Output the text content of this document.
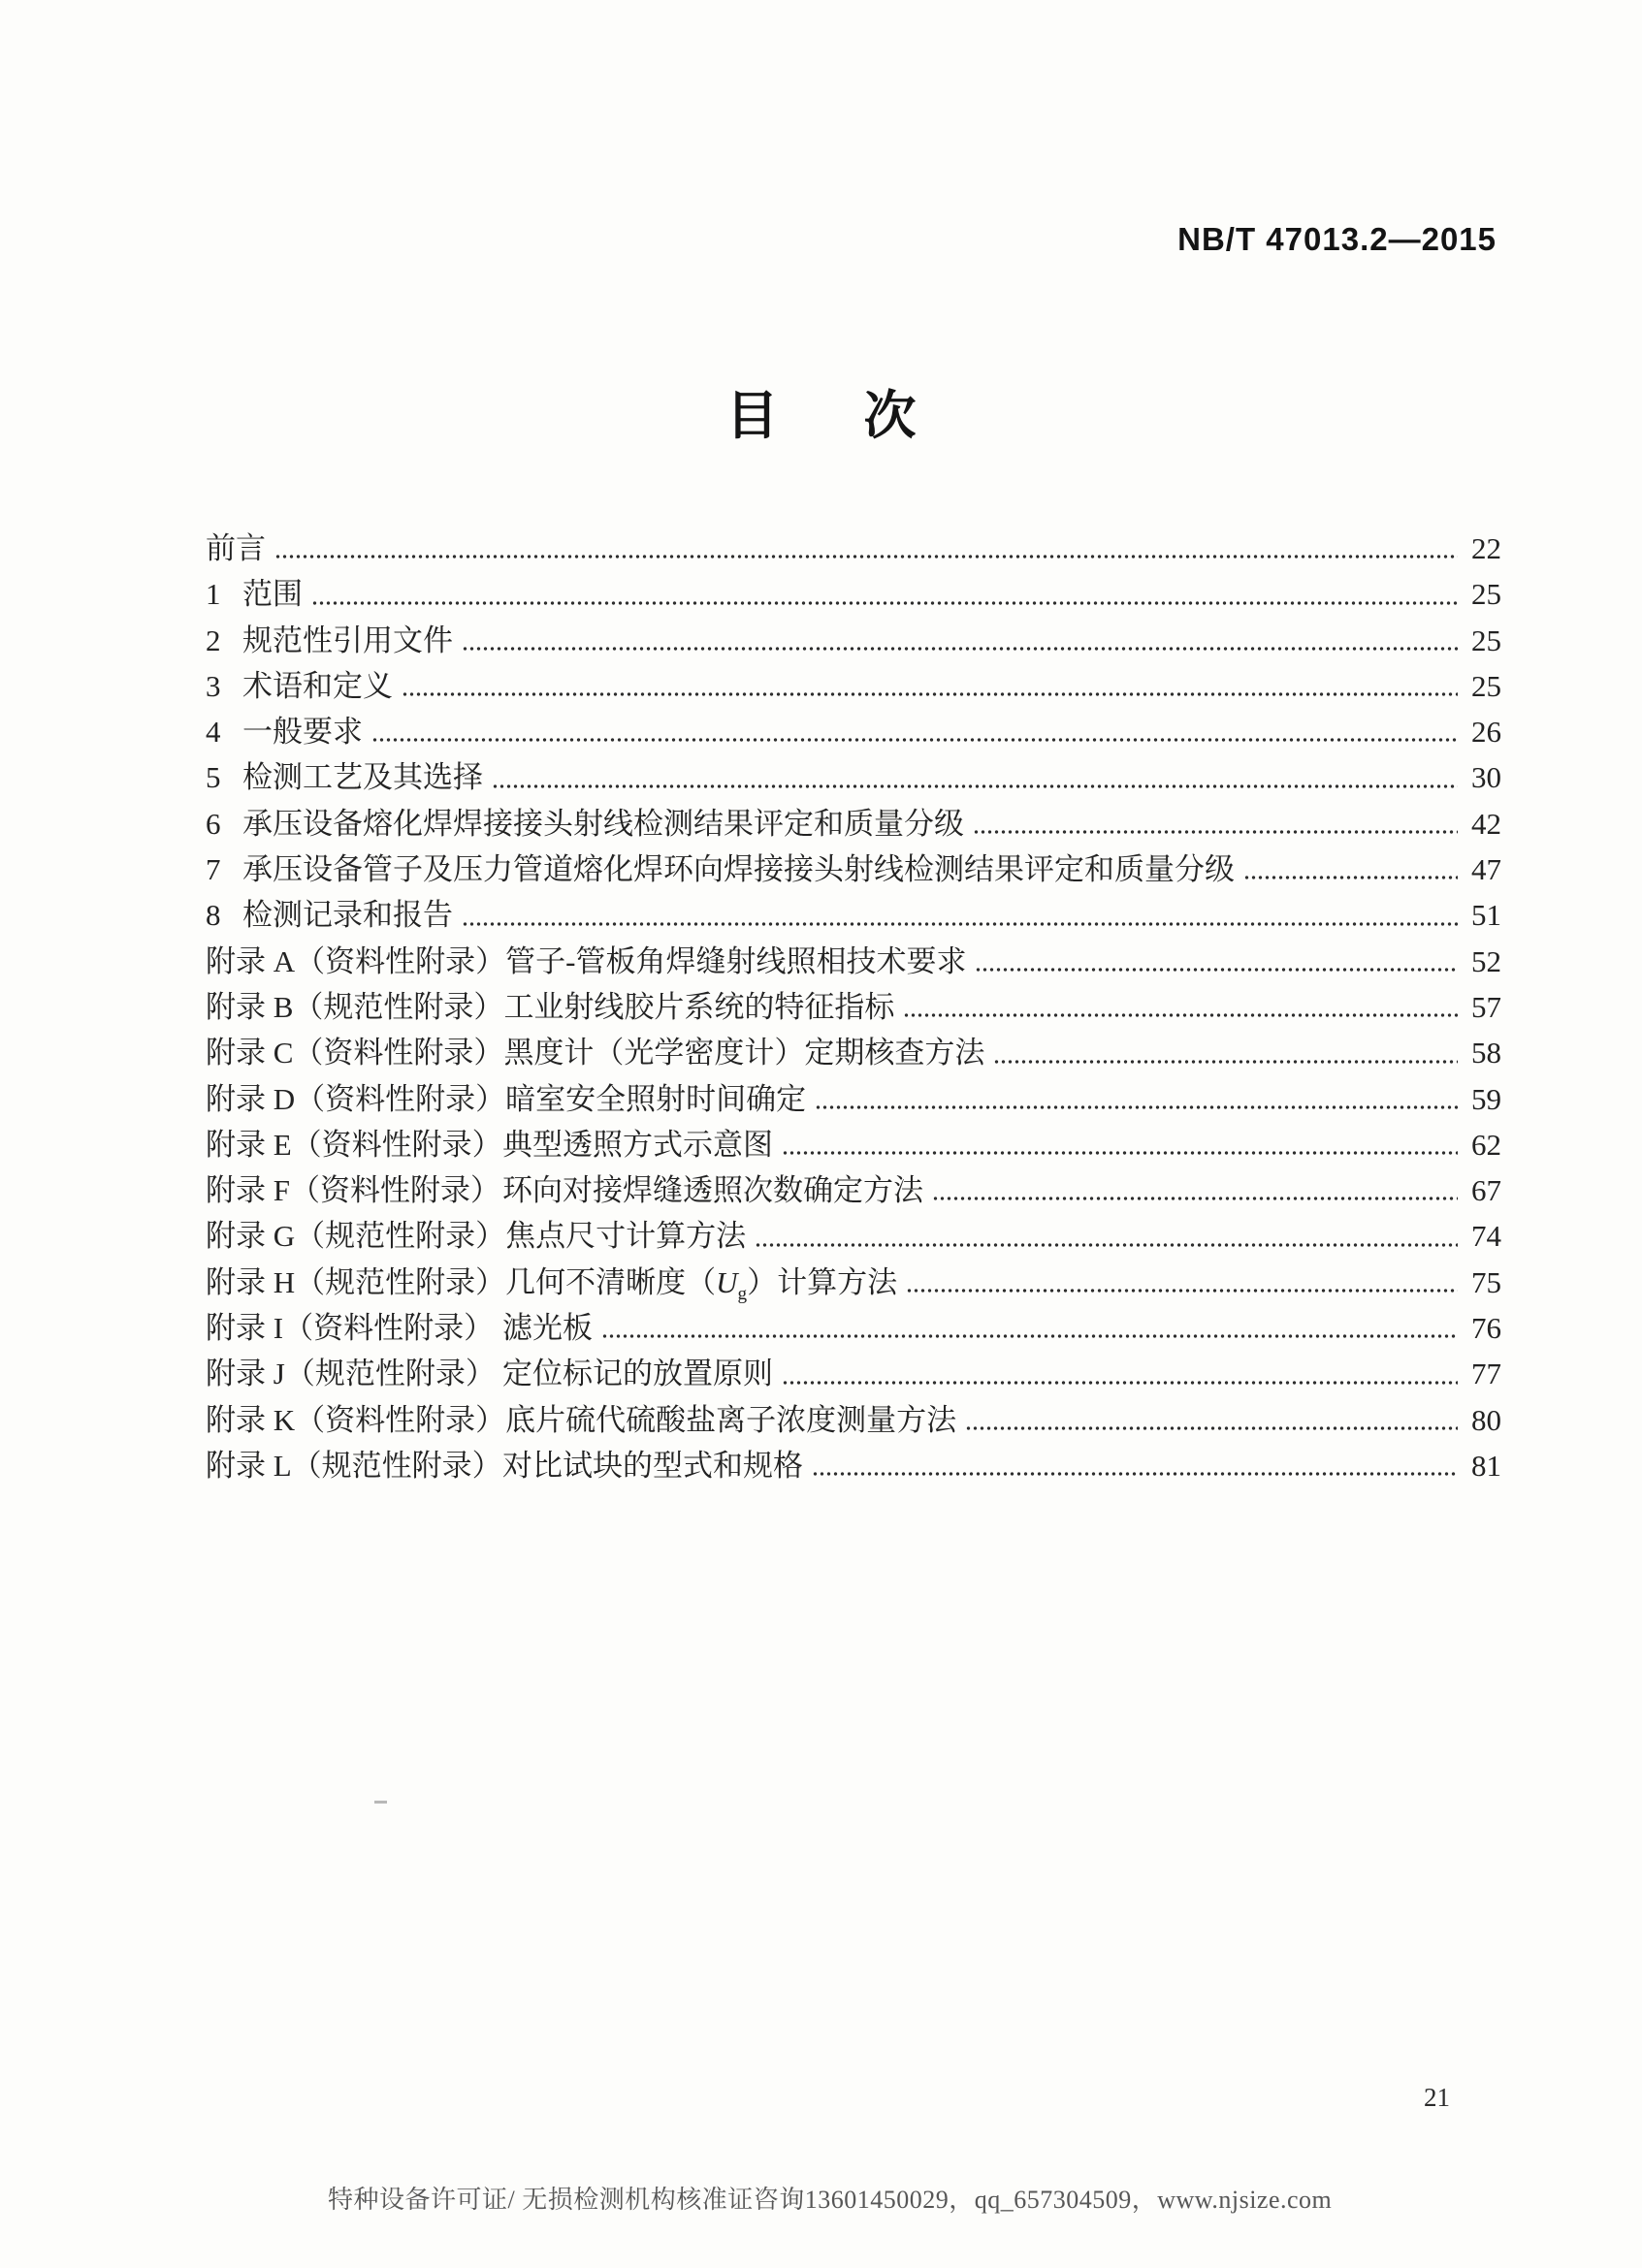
NB/T 47013.2—2015
目 次
前言	22
1 范围	25
2 规范性引用文件	25
3 术语和定义	25
4 一般要求	26
5 检测工艺及其选择	30
6 承压设备熔化焊焊接接头射线检测结果评定和质量分级	42
7 承压设备管子及压力管道熔化焊环向焊接接头射线检测结果评定和质量分级	47
8 检测记录和报告	51
附录 A（资料性附录） 管子-管板角焊缝射线照相技术要求	52
附录 B（规范性附录） 工业射线胶片系统的特征指标	57
附录 C（资料性附录） 黑度计（光学密度计）定期核查方法	58
附录 D（资料性附录） 暗室安全照射时间确定	59
附录 E（资料性附录） 典型透照方式示意图	62
附录 F（资料性附录） 环向对接焊缝透照次数确定方法	67
附录 G（规范性附录） 焦点尺寸计算方法	74
附录 H（规范性附录） 几何不清晰度$(U_g)$计算方法	75
附录 I（资料性附录） 滤光板	76
附录 J（规范性附录） 定位标记的放置原则	77
附录 K（资料性附录） 底片硫代硫酸盐离子浓度测量方法	80
附录 L（规范性附录） 对比试块的型式和规格	81
21
特种设备许可证/ 无损检测机构核准证咨询13601450029，qq_657304509，www.njsize.com
